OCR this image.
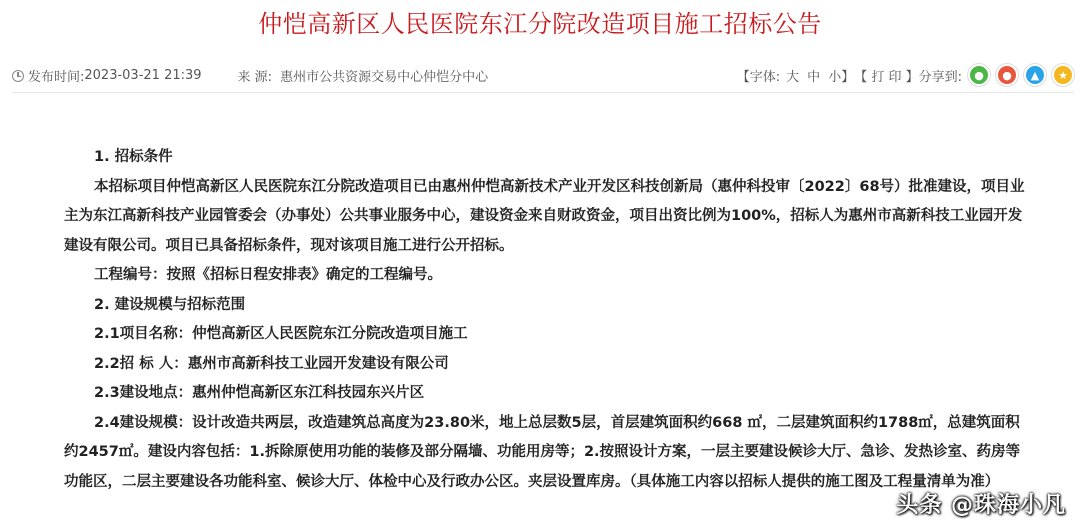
仲恺高新区人民医院东江分院改造项目施工招标公告
发布时间: 2023-03-21 21:39	来 源: 惠州市公共资源交易中心仲恺分中心	【字体: 大 中 小】 【 打 印 】 分享到:	●	●	▲	★

1. 招标条件

本招标项目仲恺高新区人民医院东江分院改造项目已由惠州仲恺高新技术产业开发区科技创新局（惠仲科投审〔2022〕68号）批准建设，项目业主为东江高新科技产业园管委会（办事处）公共事业服务中心，建设资金来自财政资金，项目出资比例为100%，招标人为惠州市高新科技工业园开发建设有限公司。项目已具备招标条件，现对该项目施工进行公开招标。

工程编号：按照《招标日程安排表》确定的工程编号。

2. 建设规模与招标范围

2.1项目名称：仲恺高新区人民医院东江分院改造项目施工

2.2招 标 人：惠州市高新科技工业园开发建设有限公司

2.3建设地点：惠州仲恺高新区东江科技园东兴片区

2.4建设规模：设计改造共两层，改造建筑总高度为23.80米，地上总层数5层，首层建筑面积约668 ㎡，二层建筑面积约1788㎡，总建筑面积约2457㎡。建设内容包括：1.拆除原使用功能的装修及部分隔墙、功能用房等；2.按照设计方案，一层主要建设候诊大厅、急诊、发热诊室、药房等功能区，二层主要建设各功能科室、候诊大厅、体检中心及行政办公区。夹层设置库房。（具体施工内容以招标人提供的施工图及工程量清单为准）

头条 @珠海小凡
